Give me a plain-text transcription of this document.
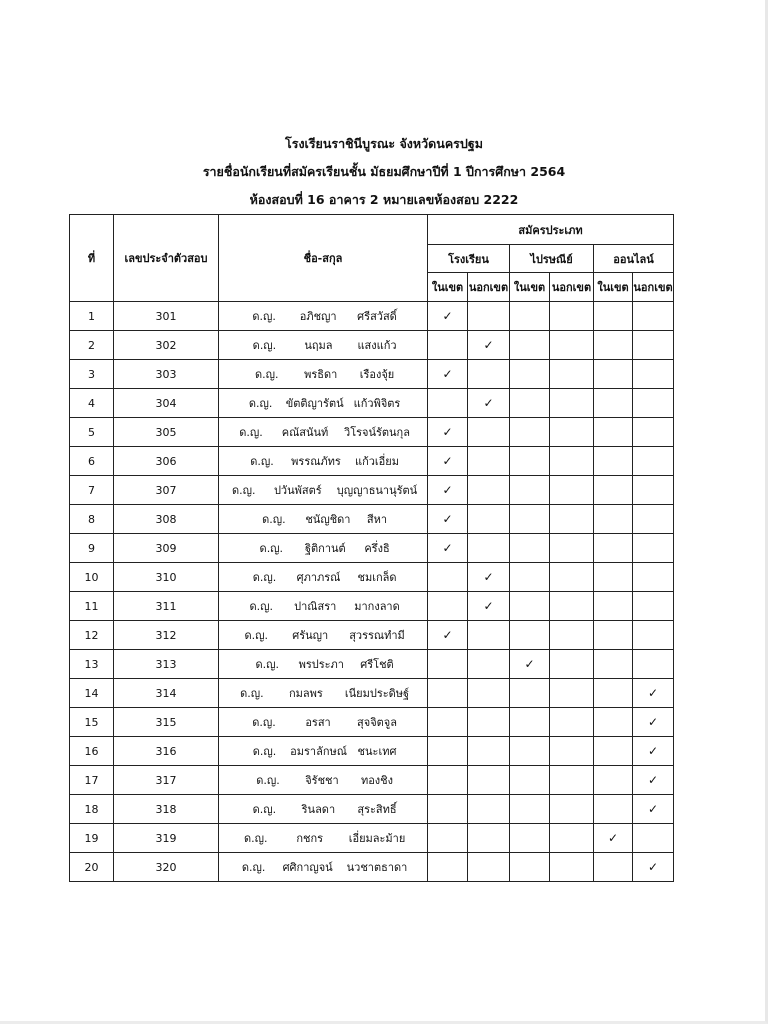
โรงเรียนราชินีบูรณะ จังหวัดนครปฐม
รายชื่อนักเรียนที่สมัครเรียนชั้น มัธยมศึกษาปีที่ 1 ปีการศึกษา 2564
ห้องสอบที่ 16 อาคาร 2 หมายเลขห้องสอบ 2222
ที่	เลขประจำตัวสอบ	ชื่อ-สกุล	สมัครประเภท					
			โรงเรียน		ไปรษณีย์		ออนไลน์	
			ในเขต	นอกเขต	ในเขต	นอกเขต	ในเขต	นอกเขต
1	301	ด.ญ. อภิชญา ศรีสวัสดิ์	✓					
2	302	ด.ญ. นฤมล แสงแก้ว		✓				
3	303	ด.ญ. พรธิดา เรืองจุ้ย	✓					
4	304	ด.ญ. ขัตติญารัตน์ แก้วพิจิตร		✓				
5	305	ด.ญ. คณัสนันท์ วิโรจน์รัตนกุล	✓					
6	306	ด.ญ. พรรณภัทร แก้วเอี่ยม	✓					
7	307	ด.ญ. ปวันพัสตร์ บุญญาธนานุรัตน์	✓					
8	308	ด.ญ. ชนัญชิดา สีหา	✓					
9	309	ด.ญ. ฐิติกานต์ ครึ่งธิ	✓					
10	310	ด.ญ. ศุภาภรณ์ ชมเกล็ด		✓				
11	311	ด.ญ. ปาณิสรา มากงลาด		✓				
12	312	ด.ญ. ศรันญา สุวรรณทำมี	✓					
13	313	ด.ญ. พรประภา ศรีโชติ			✓			
14	314	ด.ญ. กมลพร เนียมประดิษฐ์						✓
15	315	ด.ญ. อรสา สุจจิตจูล						✓
16	316	ด.ญ. อมราลักษณ์ ชนะเทศ						✓
17	317	ด.ญ. จิรัชชา ทองชิง						✓
18	318	ด.ญ. รินลดา สุระสิทธิ์						✓
19	319	ด.ญ. กชกร เอี่ยมละม้าย					✓	
20	320	ด.ญ. ศศิกาญจน์ นวชาตธาดา						✓
